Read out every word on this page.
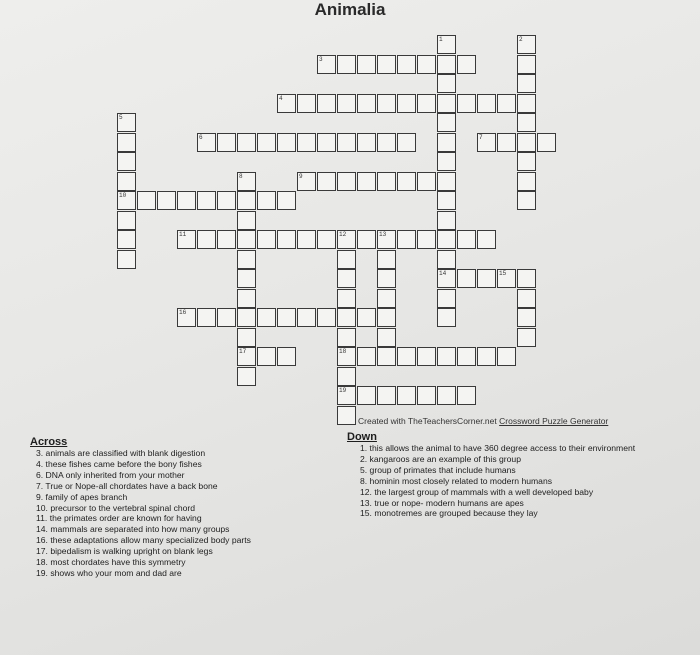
Animalia
1	2
3
4
5
6	7
8	9
10
11	12	13
14	15
16
17	18
19
Created with TheTeachersCorner.net Crossword Puzzle Generator
Across
3. animals are classified with blank digestion
4. these fishes came before the bony fishes
6. DNA only inherited from your mother
7. True or Nope-all chordates have a back bone
9. family of apes branch
10. precursor to the vertebral spinal chord
11. the primates order are known for having
14. mammals are separated into how many groups
16. these adaptations allow many specialized body parts
17. bipedalism is walking upright on blank legs
18. most chordates have this symmetry
19. shows who your mom and dad are
Down
1. this allows the animal to have 360 degree access to their environment
2. kangaroos are an example of this group
5. group of primates that include humans
8. hominin most closely related to modern humans
12. the largest group of mammals with a well developed baby
13. true or nope- modern humans are apes
15. monotremes are grouped because they lay
